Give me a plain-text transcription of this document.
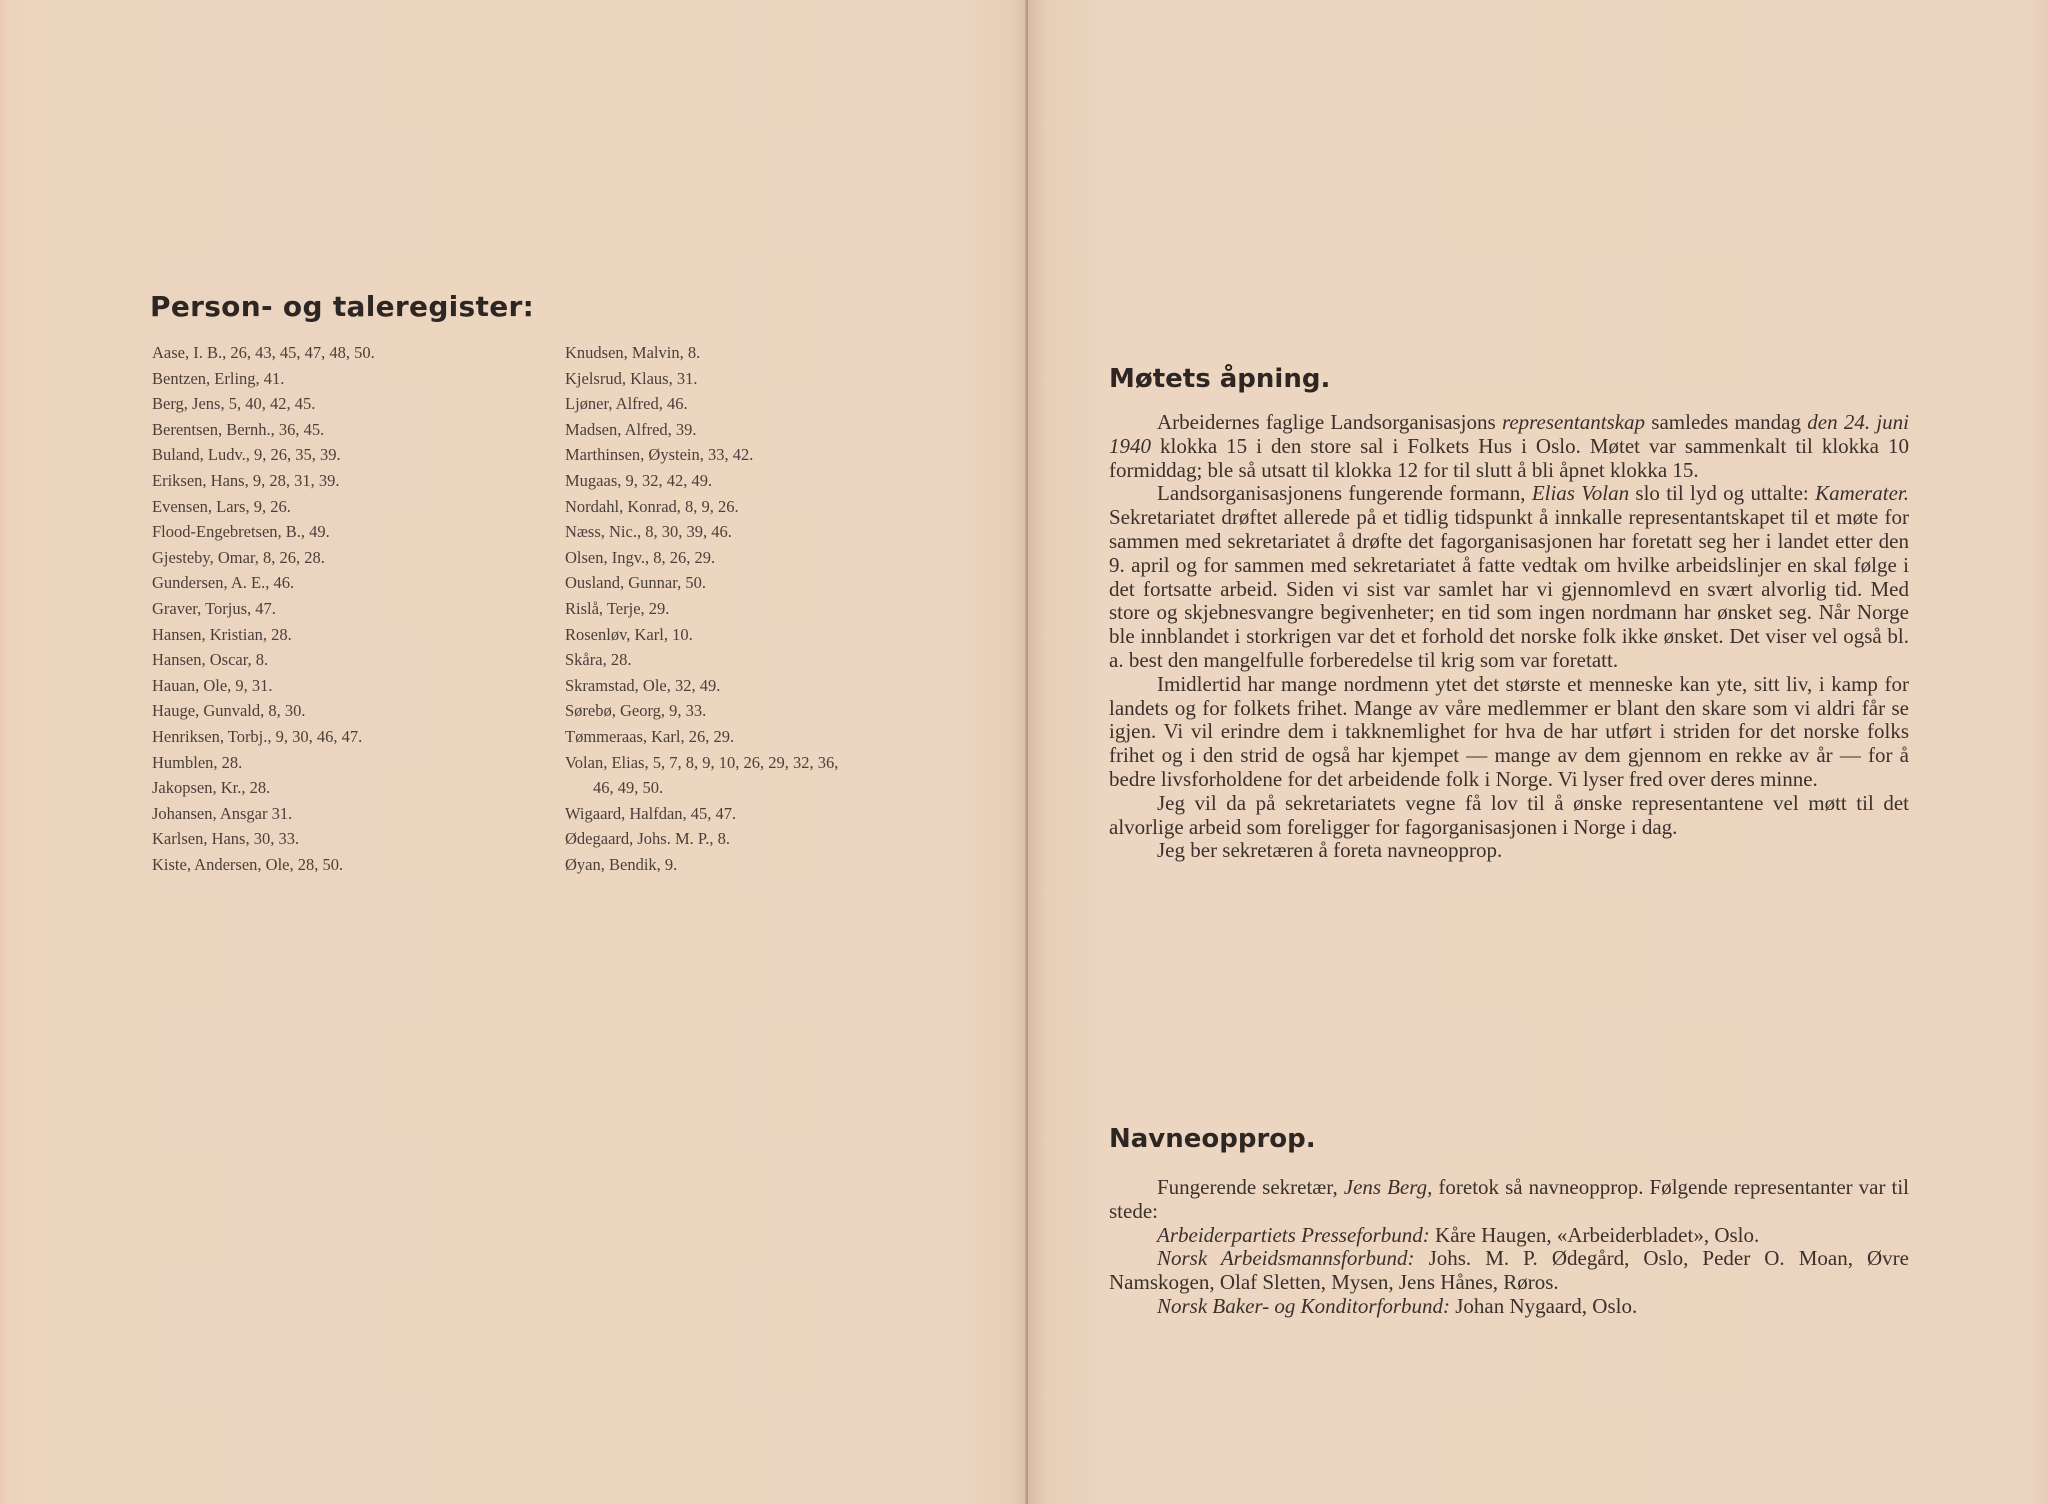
Person- og taleregister:
Aase, I. B., 26, 43, 45, 47, 48, 50.
Bentzen, Erling, 41.
Berg, Jens, 5, 40, 42, 45.
Berentsen, Bernh., 36, 45.
Buland, Ludv., 9, 26, 35, 39.
Eriksen, Hans, 9, 28, 31, 39.
Evensen, Lars, 9, 26.
Flood-Engebretsen, B., 49.
Gjesteby, Omar, 8, 26, 28.
Gundersen, A. E., 46.
Graver, Torjus, 47.
Hansen, Kristian, 28.
Hansen, Oscar, 8.
Hauan, Ole, 9, 31.
Hauge, Gunvald, 8, 30.
Henriksen, Torbj., 9, 30, 46, 47.
Humblen, 28.
Jakopsen, Kr., 28.
Johansen, Ansgar 31.
Karlsen, Hans, 30, 33.
Kiste, Andersen, Ole, 28, 50.
Knudsen, Malvin, 8.
Kjelsrud, Klaus, 31.
Ljøner, Alfred, 46.
Madsen, Alfred, 39.
Marthinsen, Øystein, 33, 42.
Mugaas, 9, 32, 42, 49.
Nordahl, Konrad, 8, 9, 26.
Næss, Nic., 8, 30, 39, 46.
Olsen, Ingv., 8, 26, 29.
Ousland, Gunnar, 50.
Rislå, Terje, 29.
Rosenløv, Karl, 10.
Skåra, 28.
Skramstad, Ole, 32, 49.
Sørebø, Georg, 9, 33.
Tømmeraas, Karl, 26, 29.
Volan, Elias, 5, 7, 8, 9, 10, 26, 29, 32, 36,
46, 49, 50.
Wigaard, Halfdan, 45, 47.
Ødegaard, Johs. M. P., 8.
Øyan, Bendik, 9.
Møtets åpning.

Arbeidernes faglige Landsorganisasjons representantskap samledes mandag den 24. juni 1940 klokka 15 i den store sal i Folkets Hus i Oslo. Møtet var sammenkalt til klokka 10 formiddag; ble så utsatt til klokka 12 for til slutt å bli åpnet klokka 15.

Landsorganisasjonens fungerende formann, Elias Volan slo til lyd og uttalte: Kamerater. Sekretariatet drøftet allerede på et tidlig tidspunkt å innkalle representantskapet til et møte for sammen med sekretariatet å drøfte det fagorganisasjonen har foretatt seg her i landet etter den 9. april og for sammen med sekretariatet å fatte vedtak om hvilke arbeidslinjer en skal følge i det fortsatte arbeid. Siden vi sist var samlet har vi gjennomlevd en svært alvorlig tid. Med store og skjebnesvangre begivenheter; en tid som ingen nordmann har ønsket seg. Når Norge ble innblandet i storkrigen var det et forhold det norske folk ikke ønsket. Det viser vel også bl. a. best den mangelfulle forberedelse til krig som var foretatt.

Imidlertid har mange nordmenn ytet det største et menneske kan yte, sitt liv, i kamp for landets og for folkets frihet. Mange av våre medlemmer er blant den skare som vi aldri får se igjen. Vi vil erindre dem i takknemlighet for hva de har utført i striden for det norske folks frihet og i den strid de også har kjempet — mange av dem gjennom en rekke av år — for å bedre livsforholdene for det arbeidende folk i Norge. Vi lyser fred over deres minne.

Jeg vil da på sekretariatets vegne få lov til å ønske representantene vel møtt til det alvorlige arbeid som foreligger for fagorganisasjonen i Norge i dag.

Jeg ber sekretæren å foreta navneopprop.

Navneopprop.

Fungerende sekretær, Jens Berg, foretok så navneopprop. Følgende representanter var til stede:

Arbeiderpartiets Presseforbund: Kåre Haugen, «Arbeiderbladet», Oslo.

Norsk Arbeidsmannsforbund: Johs. M. P. Ødegård, Oslo, Peder O. Moan, Øvre Namskogen, Olaf Sletten, Mysen, Jens Hånes, Røros.

Norsk Baker- og Konditorforbund: Johan Nygaard, Oslo.
